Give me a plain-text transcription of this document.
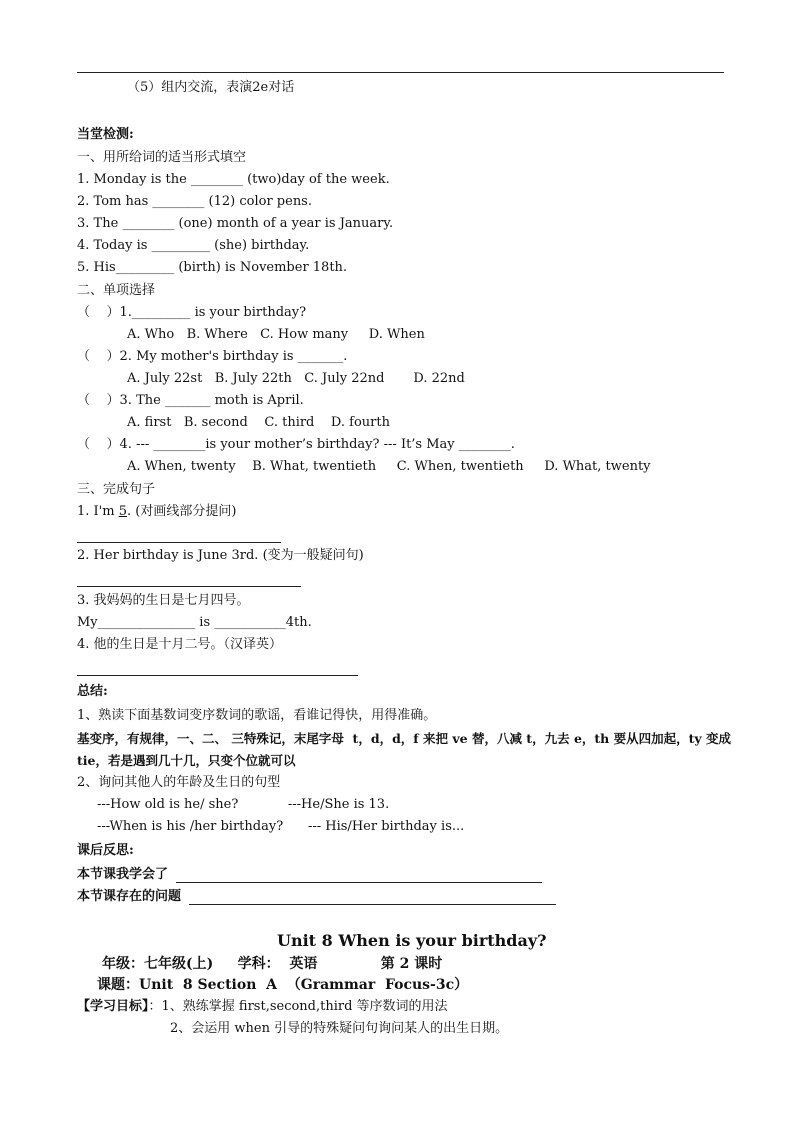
（5）组内交流，表演2e对话
当堂检测:
一、用所给词的适当形式填空
1. Monday is the ________ (two)day of the week.
2. Tom has ________ (12) color pens.
3. The ________ (one) month of a year is January.
4. Today is _________ (she) birthday.
5. His_________ (birth) is November 18th.
二、单项选择
（    ）1._________ is your birthday?
A. Who   B. Where   C. How many     D. When
（    ）2. My mother's birthday is _______.
A. July 22st   B. July 22th   C. July 22nd       D. 22nd
（    ）3. The _______ moth is April.
A. first   B. second    C. third    D. fourth
（    ）4. --- ________is your mother’s birthday? --- It’s May ________.
A. When, twenty    B. What, twentieth     C. When, twentieth     D. What, twenty
三、完成句子
1. I'm 5. (对画线部分提问)
2. Her birthday is June 3rd. (变为一般疑问句)
3. 我妈妈的生日是七月四号。
My_______________ is ___________4th.
4. 他的生日是十月二号。（汉译英）
总结:
1、熟读下面基数词变序数词的歌谣，看谁记得快，用得准确。
基变序，有规律，一、二、 三特殊记，末尾字母  t，d，d，f 来把 ve 替，八减 t，九去 e，th 要从四加起，ty 变成
tie，若是遇到几十几，只变个位就可以
2、询问其他人的年龄及生日的句型
---How old is he/ she?            ---He/She is 13.
---When is his /her birthday?      --- His/Her birthday is...
课后反思:
本节课我学会了
本节课存在的问题
Unit 8 When is your birthday?
年级：七年级(上)     学科：  英语             第 2 课时
课题：Unit  8 Section  A  （Grammar  Focus-3c）
【学习目标】：1、熟练掌握 first,second,third 等序数词的用法
2、会运用 when 引导的特殊疑问句询问某人的出生日期。
